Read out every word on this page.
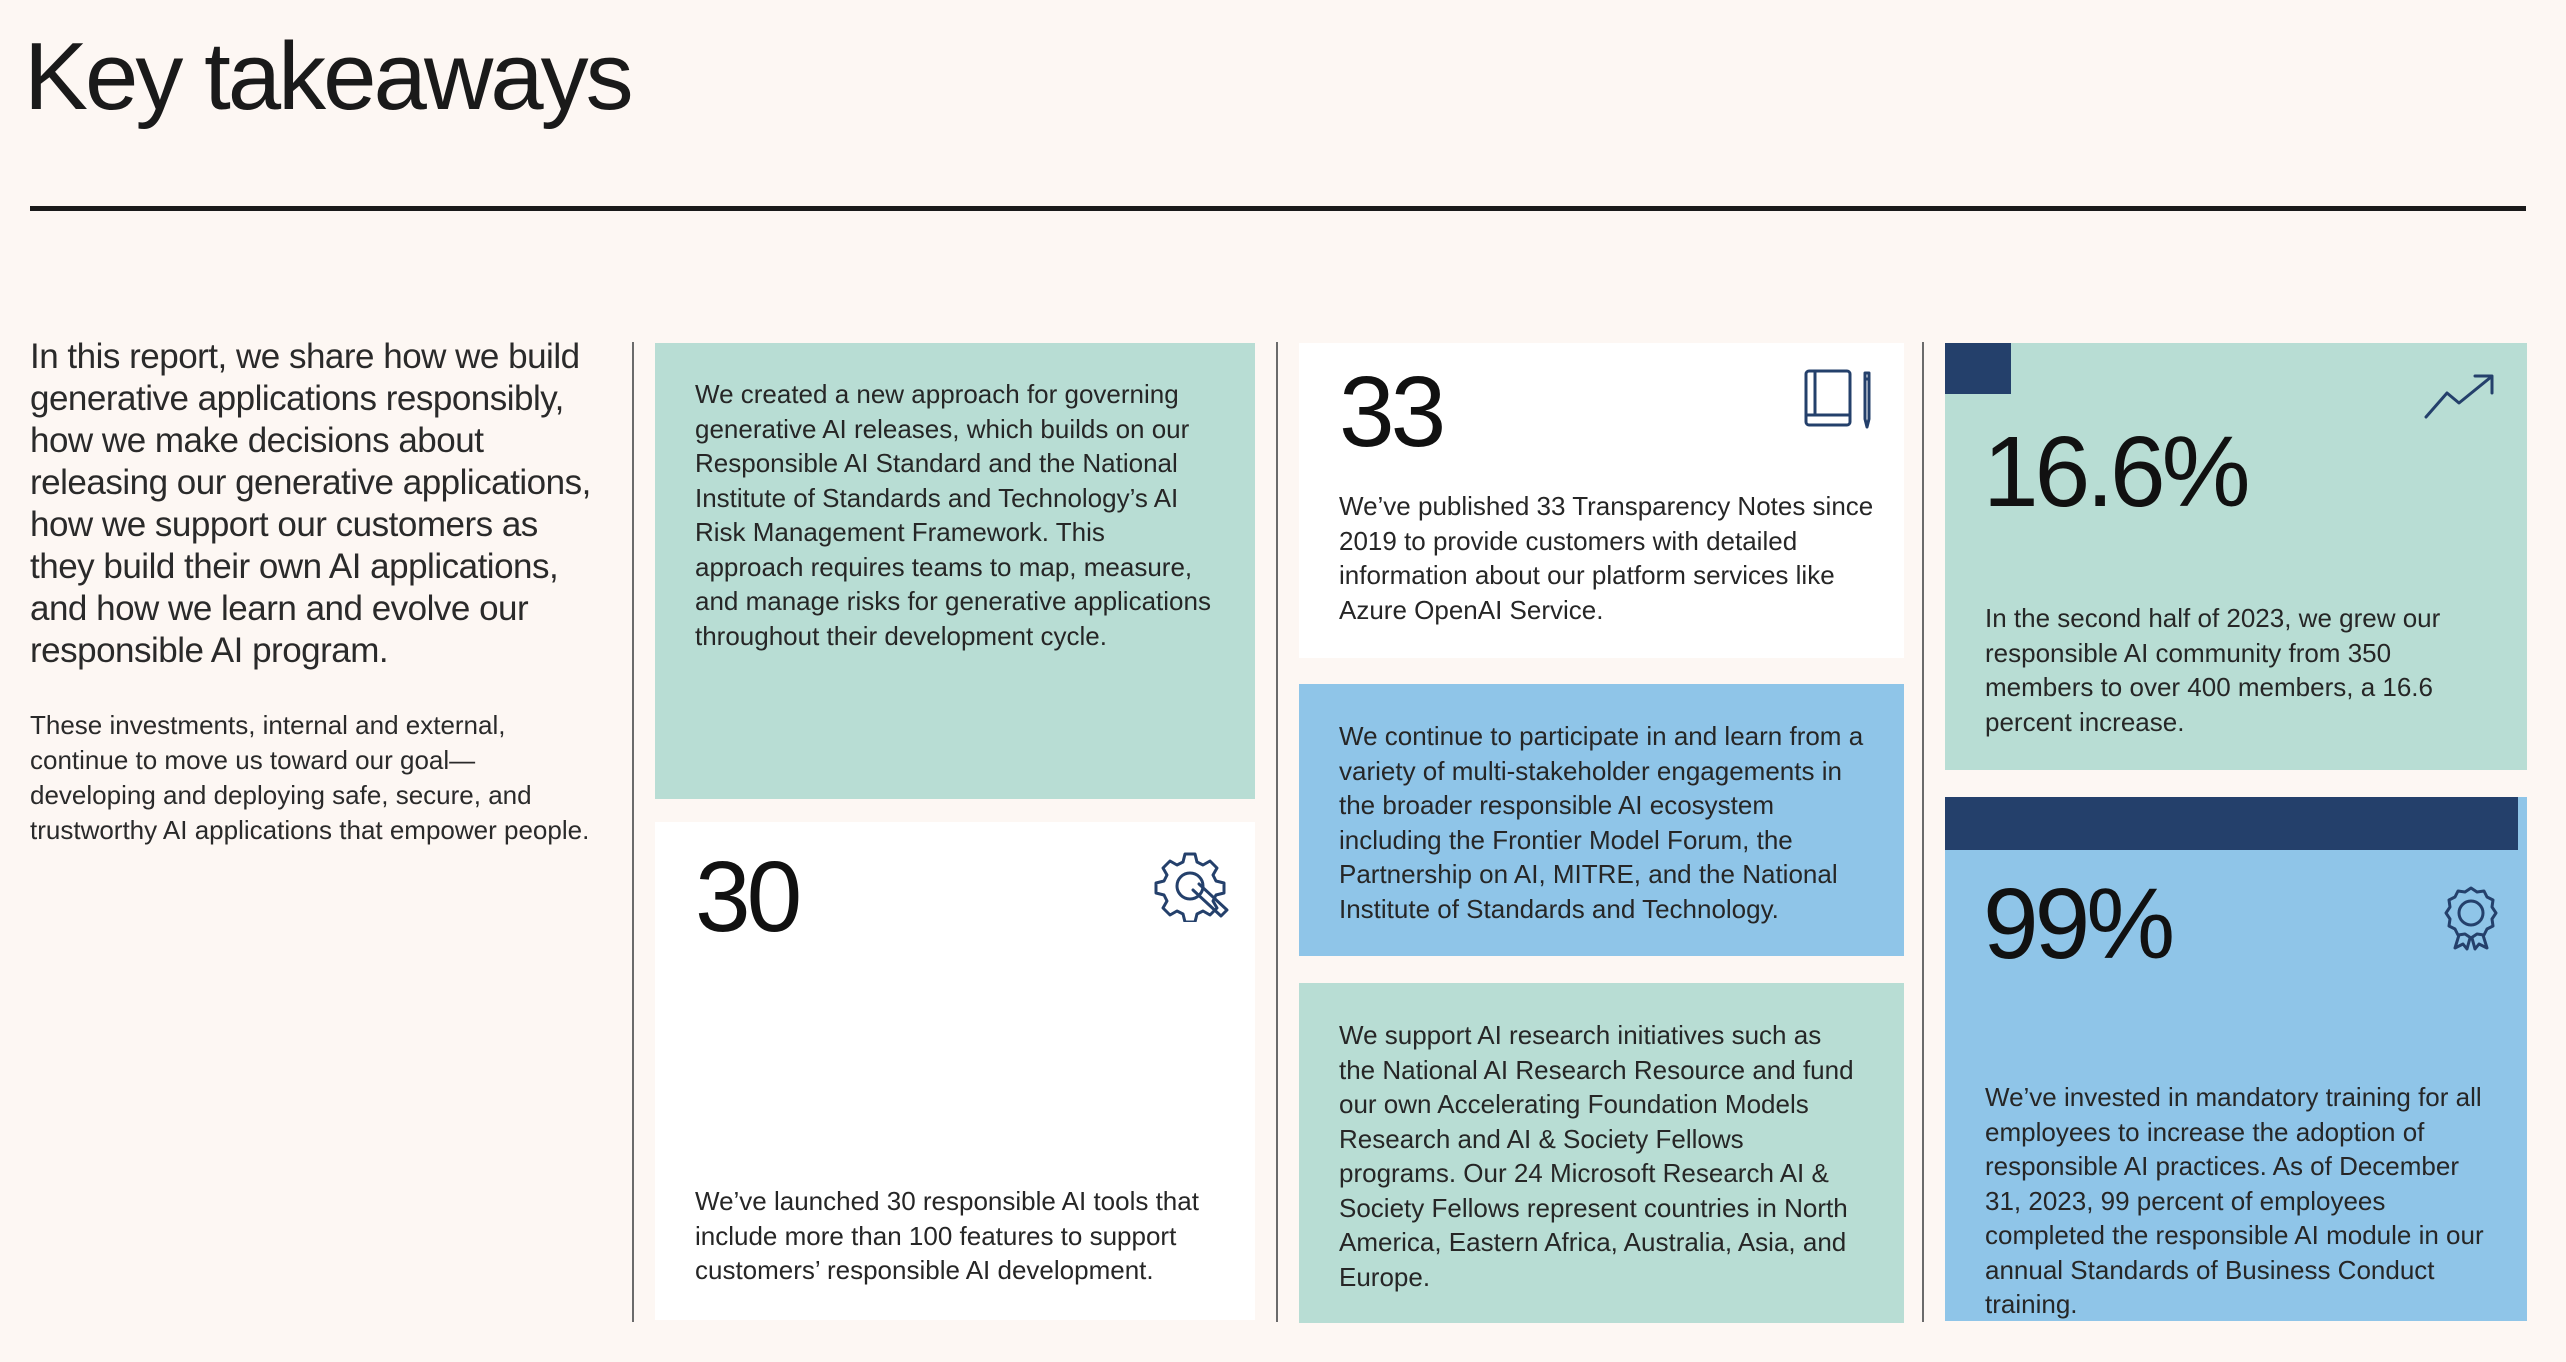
Key takeaways

In this report, we share how we build generative applications responsibly, how we make decisions about releasing our generative applications, how we support our customers as they build their own AI applications, and how we learn and evolve our responsible AI program.

These investments, internal and external, continue to move us toward our goal—developing and deploying safe, secure, and trustworthy AI applications that empower people.

We created a new approach for governing generative AI releases, which builds on our Responsible AI Standard and the National Institute of Standards and Technology’s AI Risk Management Framework. This approach requires teams to map, measure, and manage risks for generative applications throughout their development cycle.

30

We’ve launched 30 responsible AI tools that include more than 100 features to support customers’ responsible AI development.

33

We’ve published 33 Transparency Notes since 2019 to provide customers with detailed information about our platform services like Azure OpenAI Service.

We continue to participate in and learn from a variety of multi-stakeholder engagements in the broader responsible AI ecosystem including the Frontier Model Forum, the Partnership on AI, MITRE, and the National Institute of Standards and Technology.

We support AI research initiatives such as the National AI Research Resource and fund our own Accelerating Foundation Models Research and AI & Society Fellows programs. Our 24 Microsoft Research AI & Society Fellows represent countries in North America, Eastern Africa, Australia, Asia, and Europe.

16.6%

In the second half of 2023, we grew our responsible AI community from 350 members to over 400 members, a 16.6 percent increase.

99%

We’ve invested in mandatory training for all employees to increase the adoption of responsible AI practices. As of December 31, 2023, 99 percent of employees completed the responsible AI module in our annual Standards of Business Conduct training.
